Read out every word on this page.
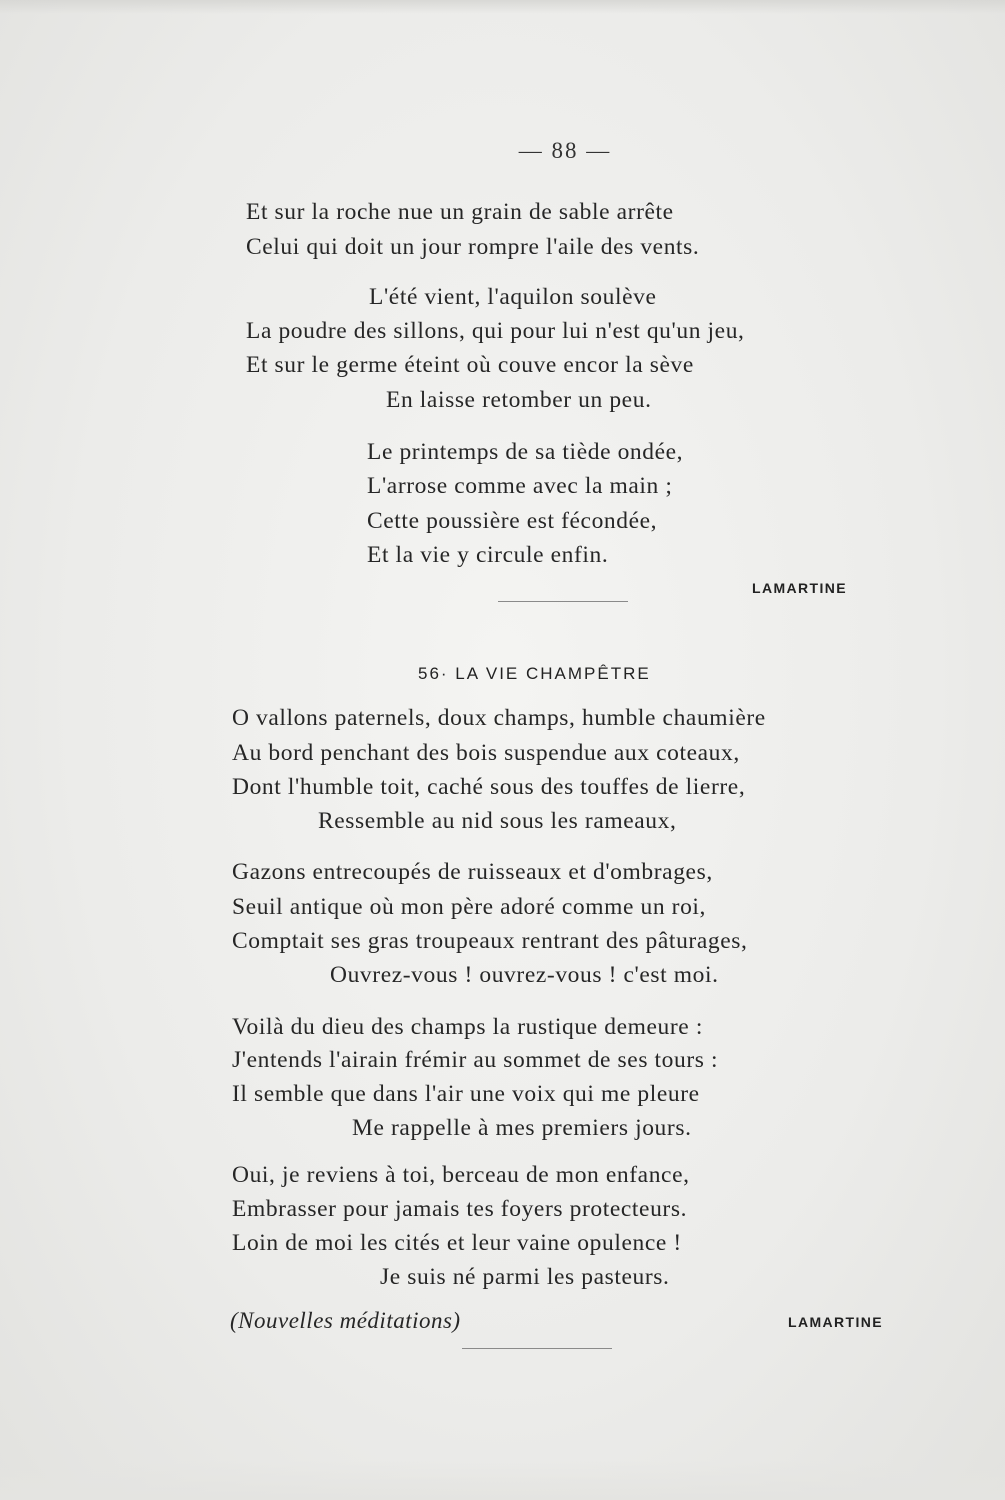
— 88 —
Et sur la roche nue un grain de sable arrête
Celui qui doit un jour rompre l'aile des vents.
L'été vient, l'aquilon soulève
La poudre des sillons, qui pour lui n'est qu'un jeu,
Et sur le germe éteint où couve encor la sève
En laisse retomber un peu.
Le printemps de sa tiède ondée,
L'arrose comme avec la main ;
Cette poussière est fécondée,
Et la vie y circule enfin.
LAMARTINE
56· LA VIE CHAMPÊTRE
O vallons paternels, doux champs, humble chaumière
Au bord penchant des bois suspendue aux coteaux,
Dont l'humble toit, caché sous des touffes de lierre,
Ressemble au nid sous les rameaux,
Gazons entrecoupés de ruisseaux et d'ombrages,
Seuil antique où mon père adoré comme un roi,
Comptait ses gras troupeaux rentrant des pâturages,
Ouvrez-vous ! ouvrez-vous ! c'est moi.
Voilà du dieu des champs la rustique demeure :
J'entends l'airain frémir au sommet de ses tours :
Il semble que dans l'air une voix qui me pleure
Me rappelle à mes premiers jours.
Oui, je reviens à toi, berceau de mon enfance,
Embrasser pour jamais tes foyers protecteurs.
Loin de moi les cités et leur vaine opulence !
Je suis né parmi les pasteurs.
(Nouvelles méditations)	LAMARTINE
